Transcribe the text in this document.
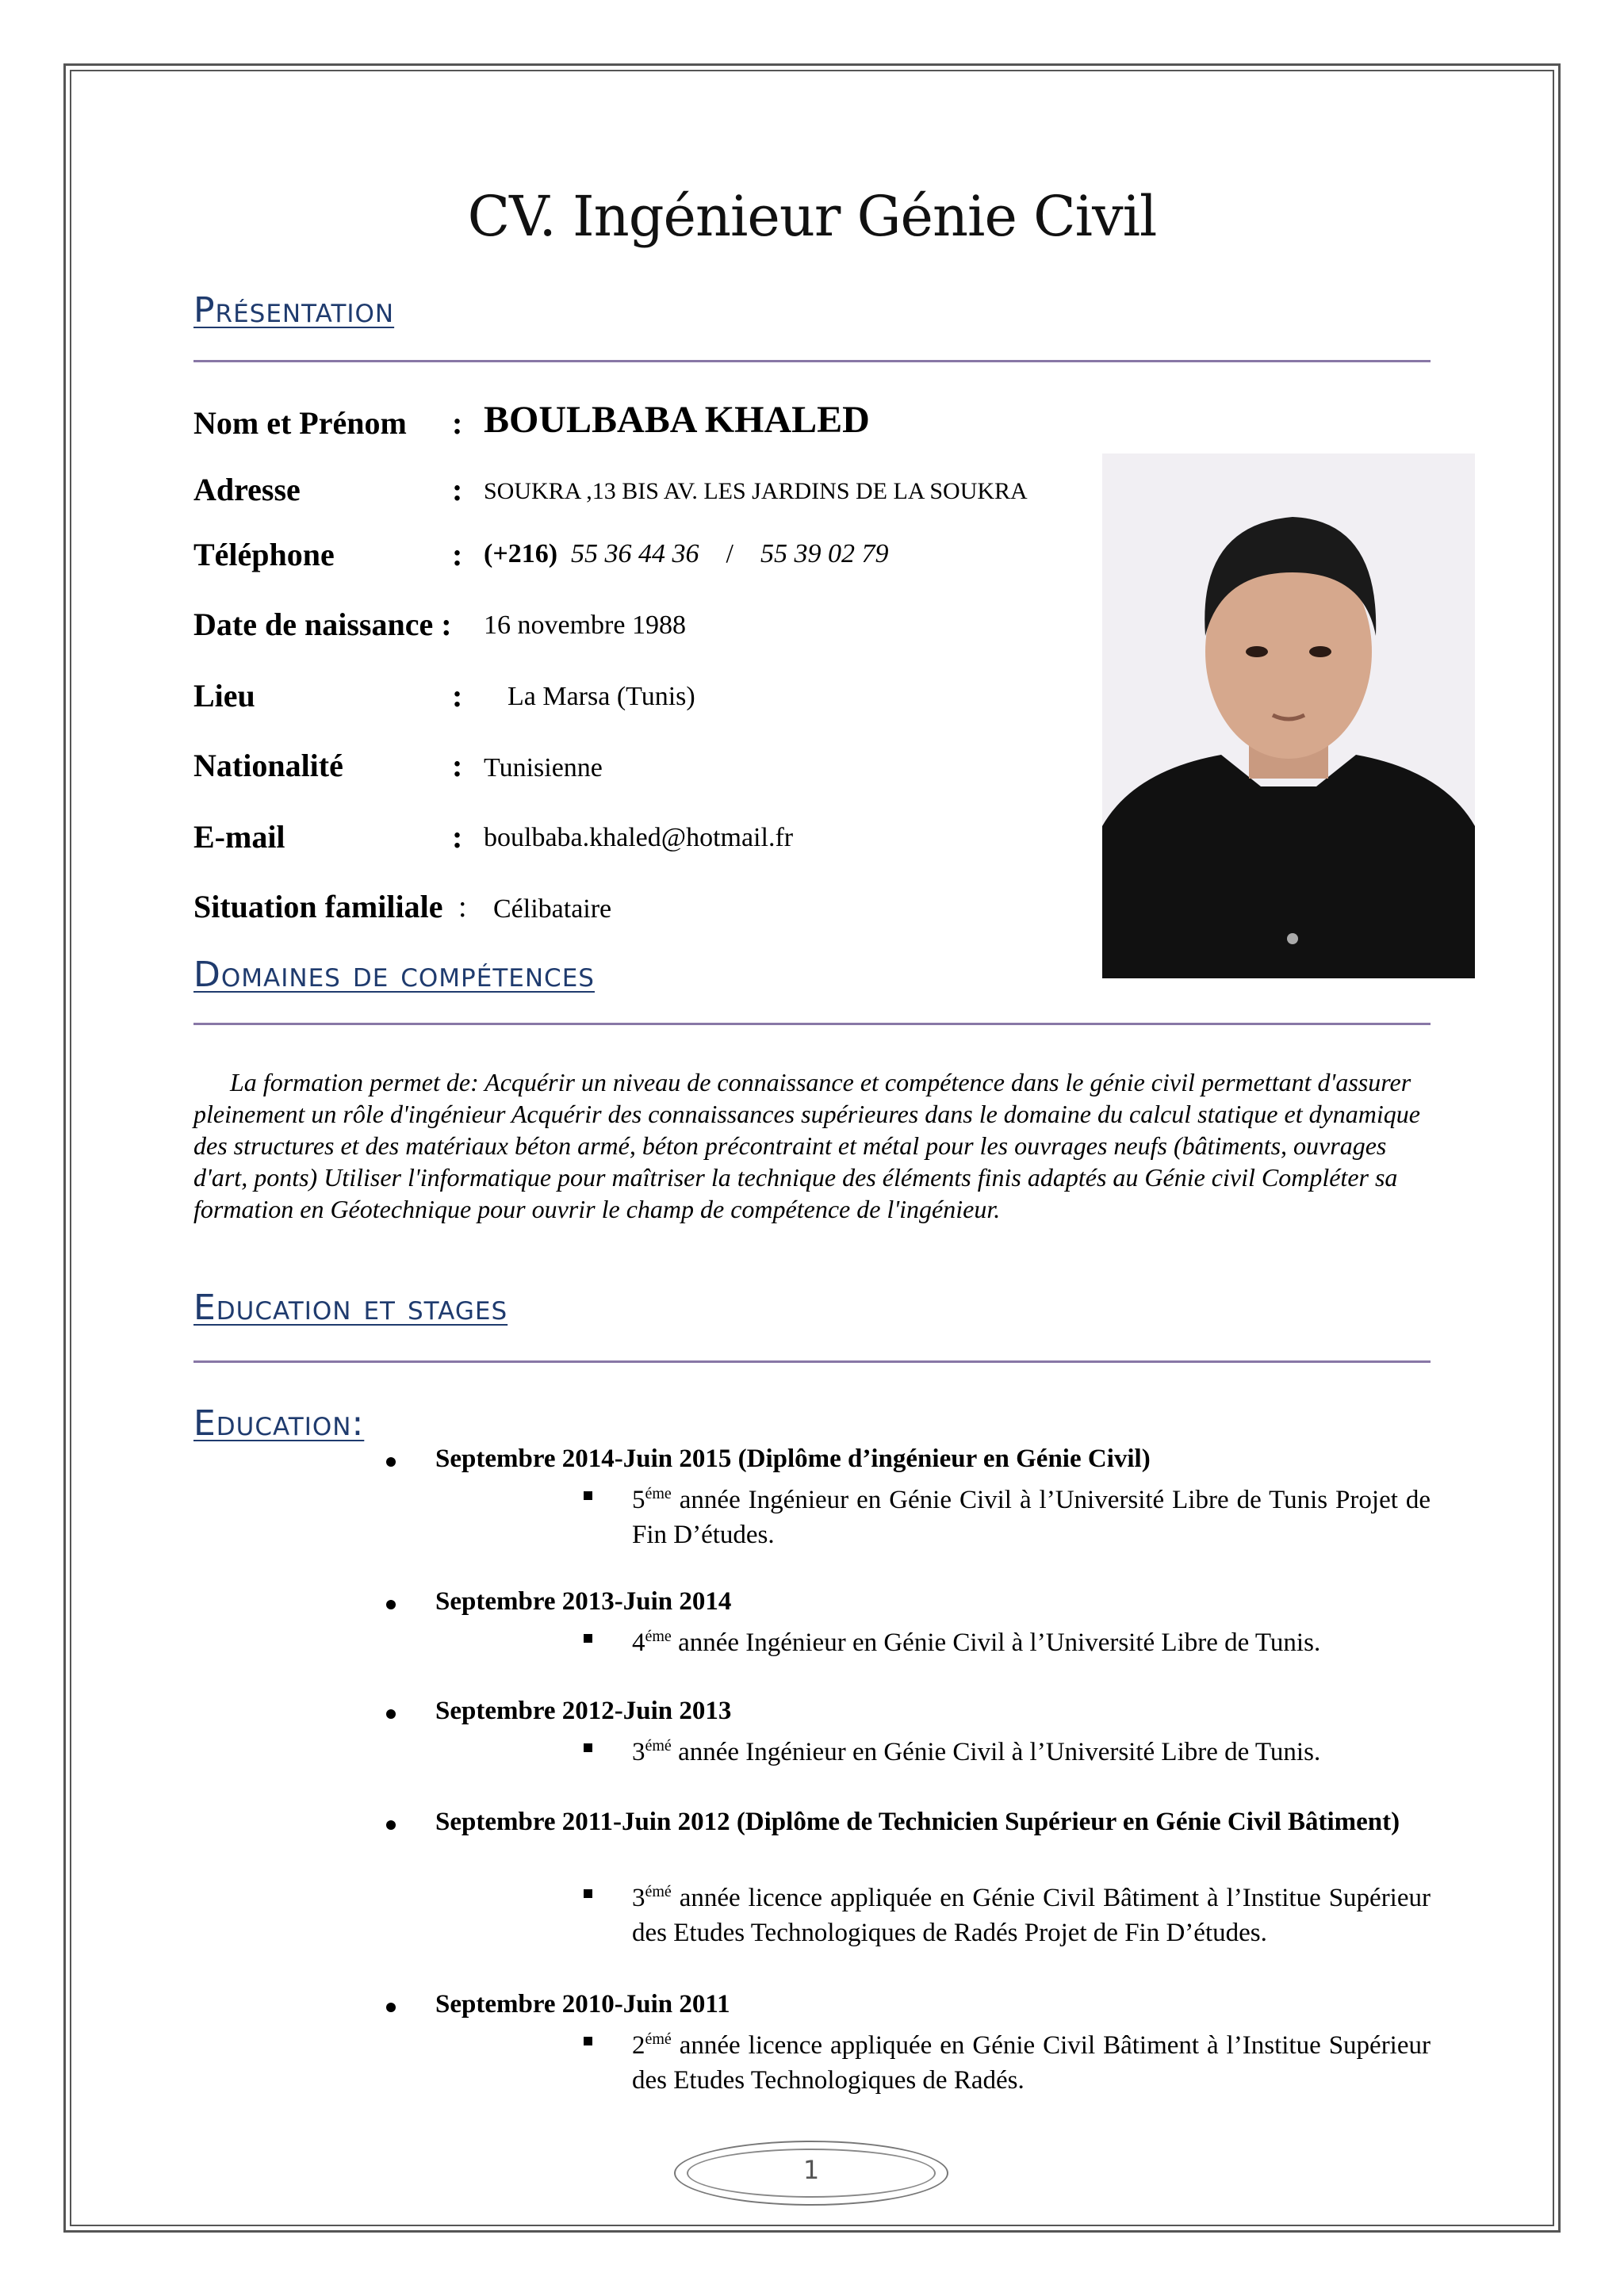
CV. Ingénieur Génie Civil
Présentation
Nom et Prénom : BOULBABA KHALED
Adresse	: SOUKRA ,13 BIS AV. LES JARDINS DE LA SOUKRA
Téléphone	: (+216) 55 36 44 36 / 55 39 02 79
Date de naissance : 16 novembre 1988
Lieu	: La Marsa (Tunis)
Nationalité	: Tunisienne
E-mail	: boulbaba.khaled@hotmail.fr
Situation familiale : Célibataire
Domaines de compétences
La formation permet de: Acquérir un niveau de connaissance et compétence dans le génie civil permettant d'assurer pleinement un rôle d'ingénieur Acquérir des connaissances supérieures dans le domaine du calcul statique et dynamique des structures et des matériaux béton armé, béton précontraint et métal pour les ouvrages neufs (bâtiments, ouvrages d'art, ponts) Utiliser l'informatique pour maîtriser la technique des éléments finis adaptés au Génie civil Compléter sa formation en Géotechnique pour ouvrir le champ de compétence de l'ingénieur.
Education et stages
Education:
Septembre 2014-Juin 2015 (Diplôme d’ingénieur en Génie Civil)
$5^{éme}$ année Ingénieur en Génie Civil à l’Université Libre de Tunis Projet de Fin D’études.
Septembre 2013-Juin 2014
$4^{éme}$ année Ingénieur en Génie Civil à l’Université Libre de Tunis.
Septembre 2012-Juin 2013
$3^{émé}$ année Ingénieur en Génie Civil à l’Université Libre de Tunis.
Septembre 2011-Juin 2012 (Diplôme de Technicien Supérieur en Génie Civil Bâtiment)
$3^{émé}$ année licence appliquée en Génie Civil Bâtiment à l’Institue Supérieur des Etudes Technologiques de Radés Projet de Fin D’études.
Septembre 2010-Juin 2011
$2^{émé}$ année licence appliquée en Génie Civil Bâtiment à l’Institue Supérieur des Etudes Technologiques de Radés.
1
